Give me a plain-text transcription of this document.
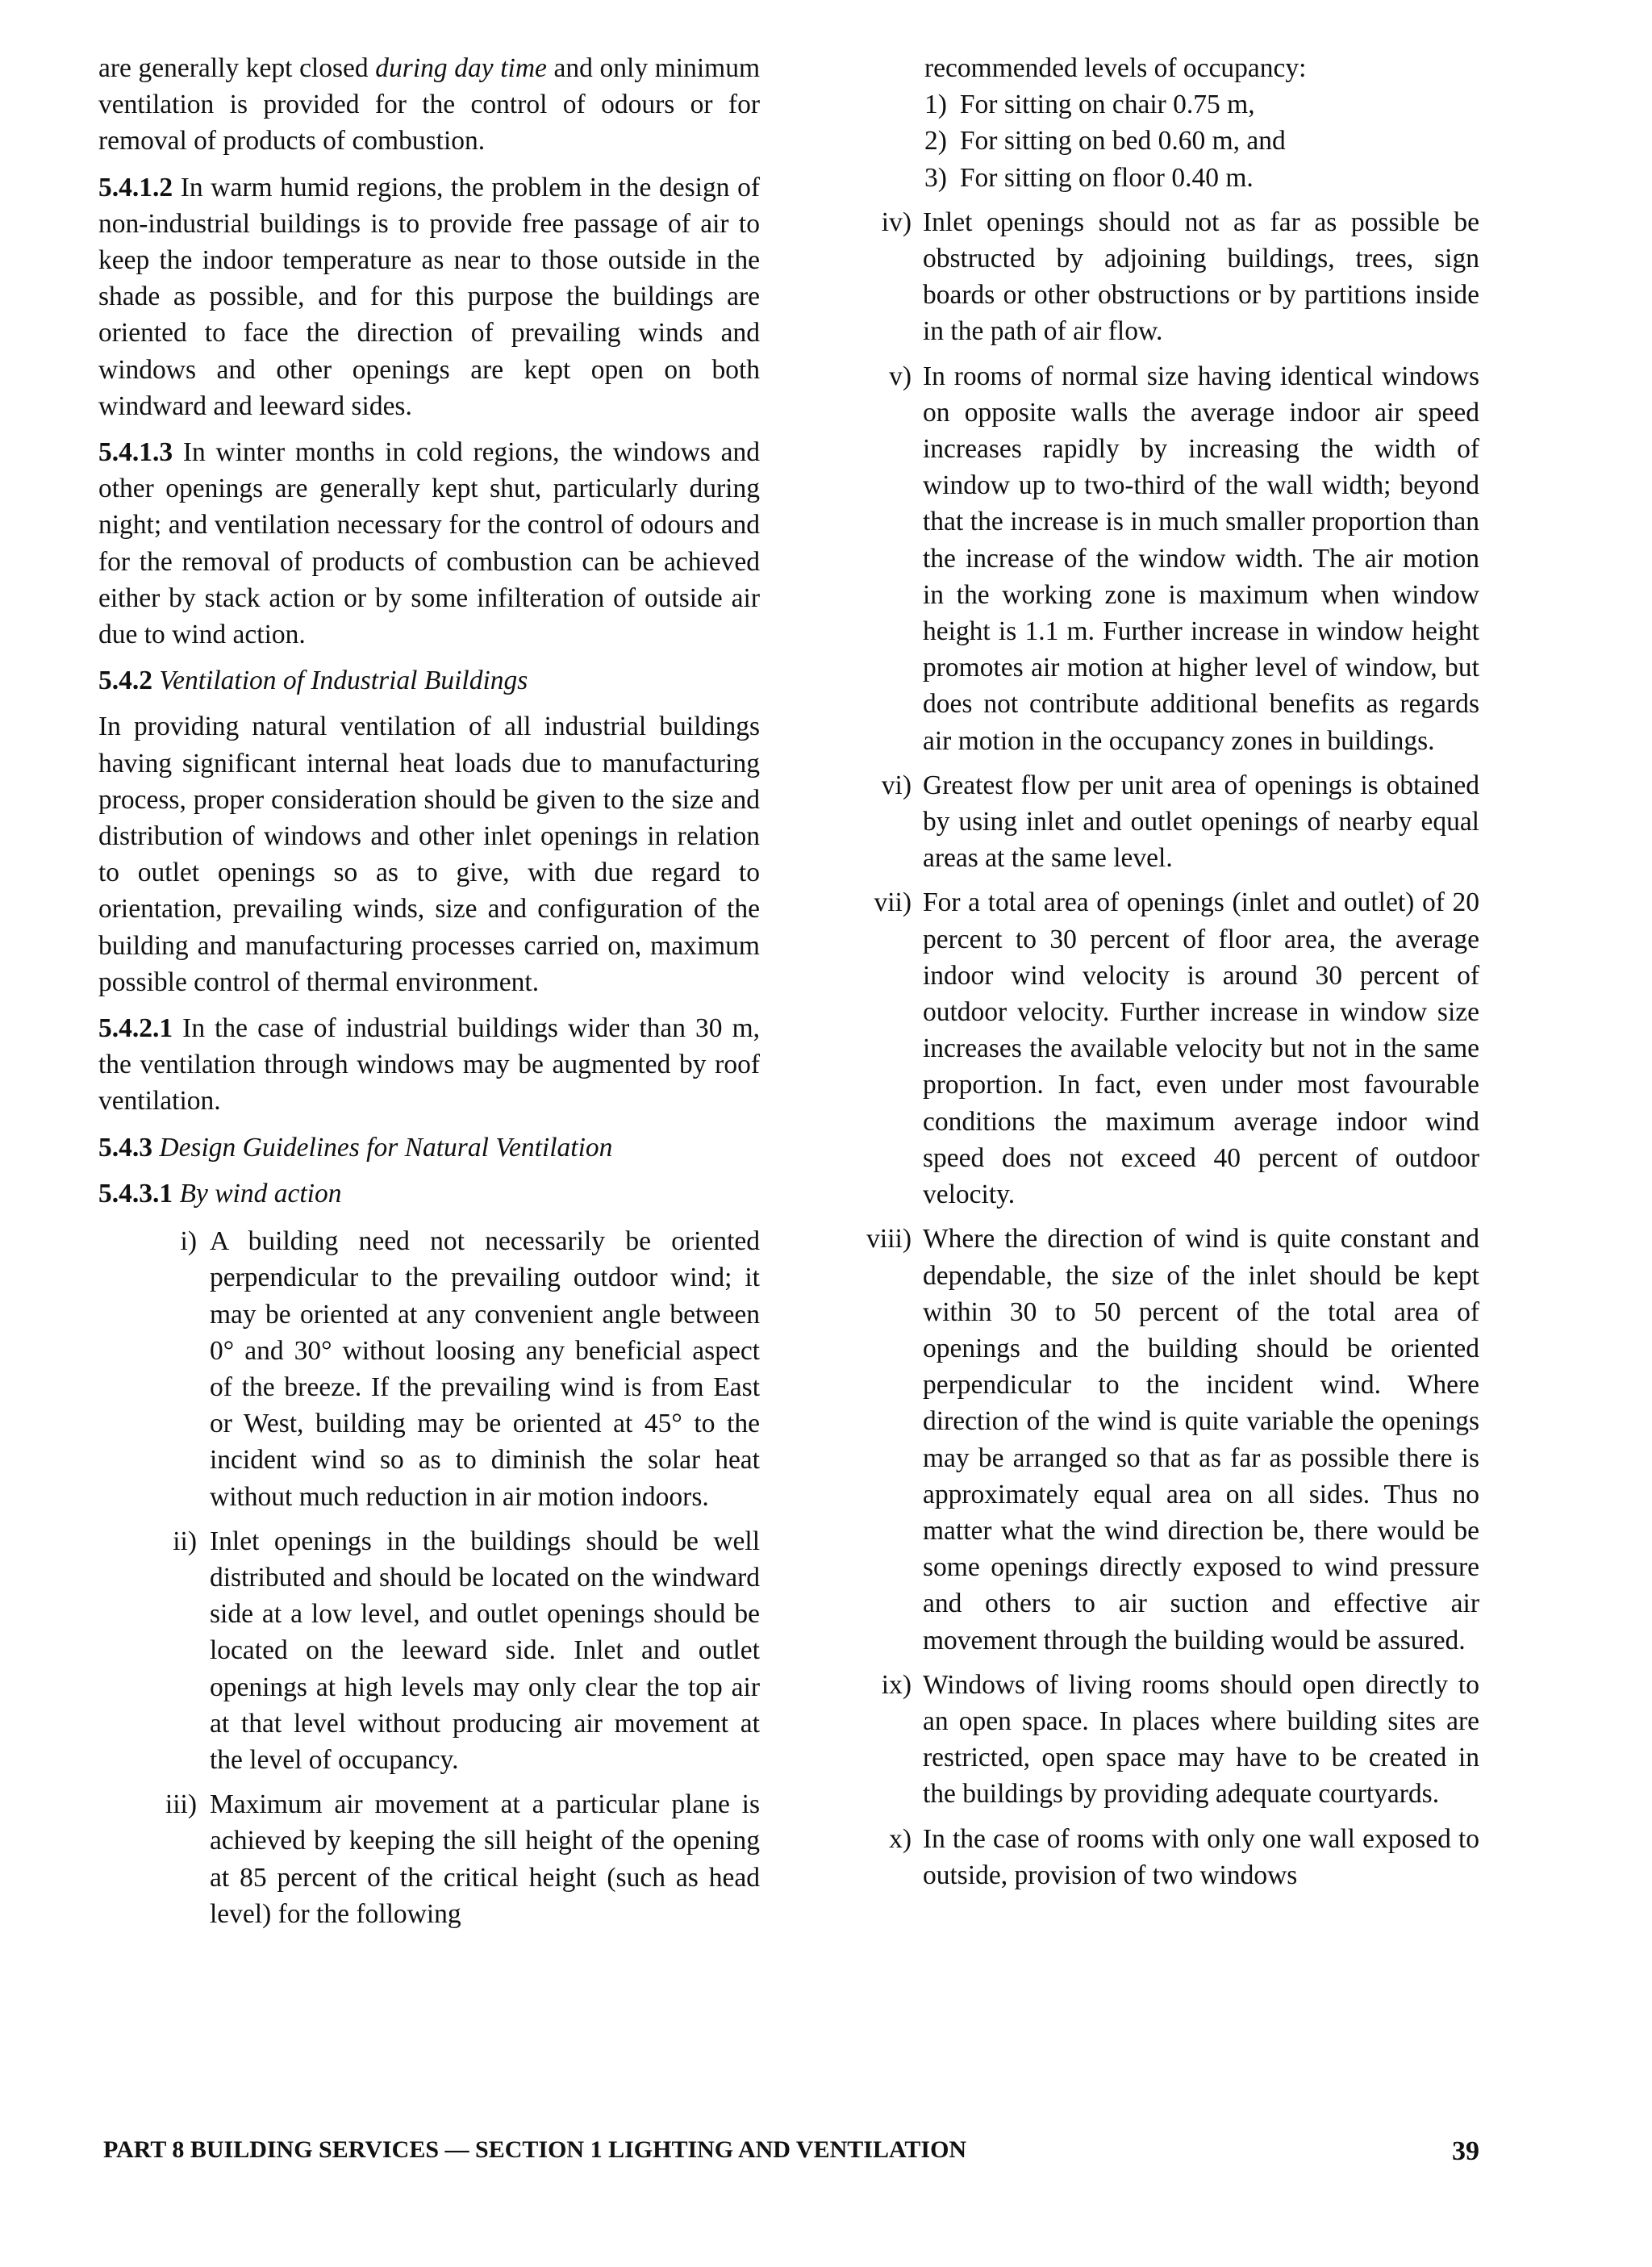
are generally kept closed during day time and only minimum ventilation is provided for the control of odours or for removal of products of combustion.

5.4.1.2 In warm humid regions, the problem in the design of non-industrial buildings is to provide free passage of air to keep the indoor temperature as near to those outside in the shade as possible, and for this purpose the buildings are oriented to face the direction of prevailing winds and windows and other openings are kept open on both windward and leeward sides.

5.4.1.3 In winter months in cold regions, the windows and other openings are generally kept shut, particularly during night; and ventilation necessary for the control of odours and for the removal of products of combustion can be achieved either by stack action or by some infilteration of outside air due to wind action.

5.4.2 Ventilation of Industrial Buildings

In providing natural ventilation of all industrial buildings having significant internal heat loads due to manufacturing process, proper consideration should be given to the size and distribution of windows and other inlet openings in relation to outlet openings so as to give, with due regard to orientation, prevailing winds, size and configuration of the building and manufacturing processes carried on, maximum possible control of thermal environment.

5.4.2.1 In the case of industrial buildings wider than 30 m, the ventilation through windows may be augmented by roof ventilation.

5.4.3 Design Guidelines for Natural Ventilation

5.4.3.1 By wind action

i) A building need not necessarily be oriented perpendicular to the prevailing outdoor wind; it may be oriented at any convenient angle between 0° and 30° without loosing any beneficial aspect of the breeze. If the prevailing wind is from East or West, building may be oriented at 45° to the incident wind so as to diminish the solar heat without much reduction in air motion indoors.
ii) Inlet openings in the buildings should be well distributed and should be located on the windward side at a low level, and outlet openings should be located on the leeward side. Inlet and outlet openings at high levels may only clear the top air at that level without producing air movement at the level of occupancy.
iii) Maximum air movement at a particular plane is achieved by keeping the sill height of the opening at 85 percent of the critical height (such as head level) for the following

recommended levels of occupancy:

1) For sitting on chair 0.75 m,
2) For sitting on bed 0.60 m, and
3) For sitting on floor 0.40 m.
iv) Inlet openings should not as far as possible be obstructed by adjoining buildings, trees, sign boards or other obstructions or by partitions inside in the path of air flow.
v) In rooms of normal size having identical windows on opposite walls the average indoor air speed increases rapidly by increasing the width of window up to two-third of the wall width; beyond that the increase is in much smaller proportion than the increase of the window width. The air motion in the working zone is maximum when window height is 1.1 m. Further increase in window height promotes air motion at higher level of window, but does not contribute additional benefits as regards air motion in the occupancy zones in buildings.
vi) Greatest flow per unit area of openings is obtained by using inlet and outlet openings of nearby equal areas at the same level.
vii) For a total area of openings (inlet and outlet) of 20 percent to 30 percent of floor area, the average indoor wind velocity is around 30 percent of outdoor velocity. Further increase in window size increases the available velocity but not in the same proportion. In fact, even under most favourable conditions the maximum average indoor wind speed does not exceed 40 percent of outdoor velocity.
viii) Where the direction of wind is quite constant and dependable, the size of the inlet should be kept within 30 to 50 percent of the total area of openings and the building should be oriented perpendicular to the incident wind. Where direction of the wind is quite variable the openings may be arranged so that as far as possible there is approximately equal area on all sides. Thus no matter what the wind direction be, there would be some openings directly exposed to wind pressure and others to air suction and effective air movement through the building would be assured.
ix) Windows of living rooms should open directly to an open space. In places where building sites are restricted, open space may have to be created in the buildings by providing adequate courtyards.
x) In the case of rooms with only one wall exposed to outside, provision of two windows
PART 8 BUILDING SERVICES — SECTION 1 LIGHTING AND VENTILATION	39
